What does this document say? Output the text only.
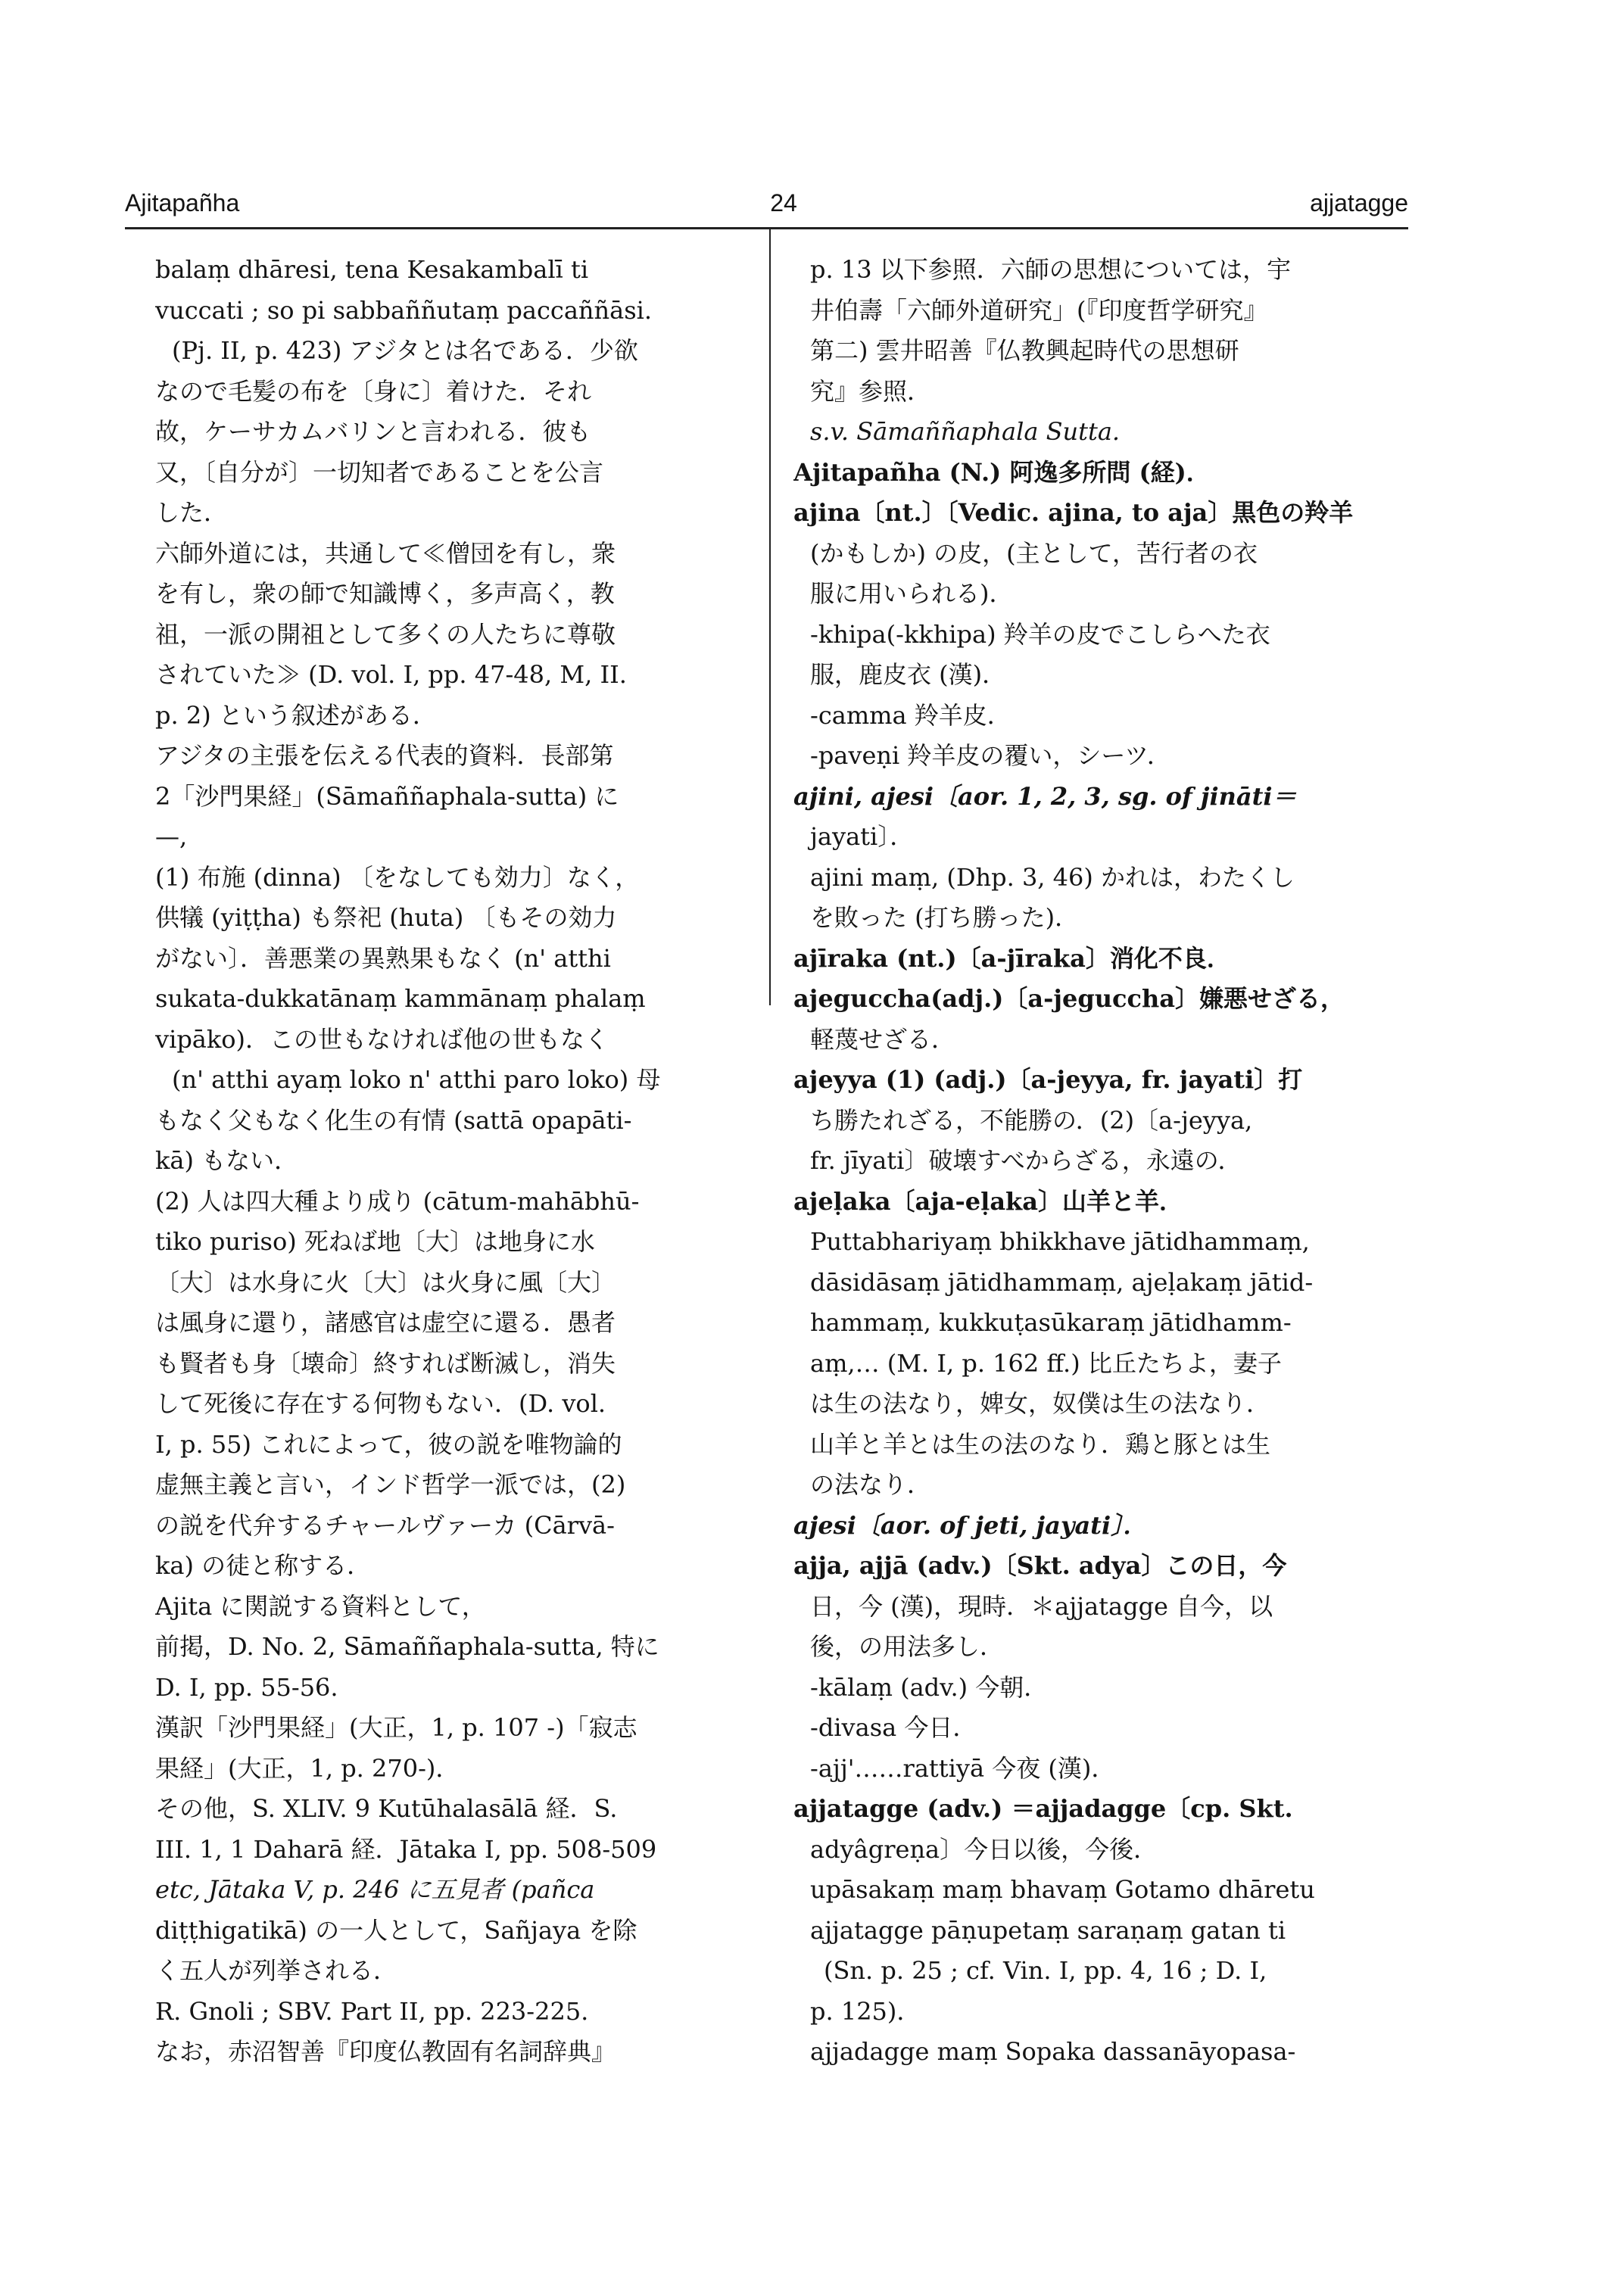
Ajitapañha	24	ajjatagge
balaṃ dhāresi, tena Kesakambalī ti
vuccati ; so pi sabbaññutaṃ paccaññāsi.
(Pj. II, p. 423) アジタとは名である．少欲
なので毛髪の布を〔身に〕着けた．それ
故，ケーサカムバリンと言われる．彼も
又，〔自分が〕一切知者であることを公言
した．
六師外道には，共通して≪僧団を有し，衆
を有し，衆の師で知識博く，多声高く，教
祖，一派の開祖として多くの人たちに尊敬
されていた≫ (D. vol. I, pp. 47-48, M, II.
p. 2) という叙述がある．
アジタの主張を伝える代表的資料．長部第
2「沙門果経」(Sāmaññaphala-sutta) に
—,
(1) 布施 (dinna) 〔をなしても効力〕なく，
供犠 (yiṭṭha) も祭祀 (huta) 〔もその効力
がない〕．善悪業の異熟果もなく (n' atthi
sukata-dukkatānaṃ kammānaṃ phalaṃ
vipāko)．この世もなければ他の世もなく
(n' atthi ayaṃ loko n' atthi paro loko) 母
もなく父もなく化生の有情 (sattā opapāti-
kā) もない．
(2) 人は四大種より成り (cātum-mahābhū-
tiko puriso) 死ねば地〔大〕は地身に水
〔大〕は水身に火〔大〕は火身に風〔大〕
は風身に還り，諸感官は虚空に還る．愚者
も賢者も身〔壊命〕終すれば断滅し，消失
して死後に存在する何物もない．(D. vol.
I, p. 55) これによって，彼の説を唯物論的
虚無主義と言い，インド哲学一派では，(2)
の説を代弁するチャールヴァーカ (Cārvā-
ka) の徒と称する．
Ajita に関説する資料として，
前掲，D. No. 2, Sāmaññaphala-sutta, 特に
D. I, pp. 55-56.
漢訳「沙門果経」(大正，1, p. 107 -)「寂志
果経」(大正，1, p. 270-)．
その他，S. XLIV. 9 Kutūhalasālā 経．S.
III. 1, 1 Daharā 経．Jātaka I, pp. 508-509
etc, Jātaka V, p. 246 に五見者 (pañca
diṭṭhigatikā) の一人として，Sañjaya を除
く五人が列挙される．
R. Gnoli ; SBV. Part II, pp. 223-225.
なお，赤沼智善『印度仏教固有名詞辞典』
p. 13 以下参照．六師の思想については，宇
井伯壽「六師外道研究」(『印度哲学研究』
第二) 雲井昭善『仏教興起時代の思想研
究』参照．
s.v. Sāmaññaphala Sutta.
Ajitapañha (N.) 阿逸多所問 (経)．
ajina〔nt.〕〔Vedic. ajina, to aja〕黒色の羚羊
(かもしか) の皮，(主として，苦行者の衣
服に用いられる)．
-khipa(-kkhipa) 羚羊の皮でこしらへた衣
服，鹿皮衣 (漢)．
-camma 羚羊皮．
-paveṇi 羚羊皮の覆い，シーツ．
ajini, ajesi〔aor. 1, 2, 3, sg. of jināti＝
jayati〕．
ajini maṃ, (Dhp. 3, 46) かれは，わたくし
を敗った (打ち勝った)．
ajīraka (nt.)〔a-jīraka〕消化不良．
ajeguccha(adj.)〔a-jeguccha〕嫌悪せざる，
軽蔑せざる．
ajeyya (1) (adj.)〔a-jeyya, fr. jayati〕打
ち勝たれざる，不能勝の．(2)〔a-jeyya,
fr. jīyati〕破壊すべからざる，永遠の．
ajeḷaka〔aja-eḷaka〕山羊と羊．
Puttabhariyaṃ bhikkhave jātidhammaṃ,
dāsidāsaṃ jātidhammaṃ, ajeḷakaṃ jātid-
hammaṃ, kukkuṭasūkaraṃ jātidhamm-
aṃ,… (M. I, p. 162 ff.) 比丘たちよ，妻子
は生の法なり，婢女，奴僕は生の法なり．
山羊と羊とは生の法のなり．鶏と豚とは生
の法なり．
ajesi〔aor. of jeti, jayati〕．
ajja, ajjā (adv.)〔Skt. adya〕この日，今
日，今 (漢)，現時．＊ajjatagge 自今，以
後，の用法多し．
-kālaṃ (adv.) 今朝．
-divasa 今日．
-ajj'……rattiyā 今夜 (漢)．
ajjatagge (adv.) ＝ajjadagge〔cp. Skt.
adyâgreṇa〕今日以後，今後．
upāsakaṃ maṃ bhavaṃ Gotamo dhāretu
ajjatagge pāṇupetaṃ saraṇaṃ gatan ti
(Sn. p. 25 ; cf. Vin. I, pp. 4, 16 ; D. I,
p. 125)．
ajjadagge maṃ Sopaka dassanāyopasa-
